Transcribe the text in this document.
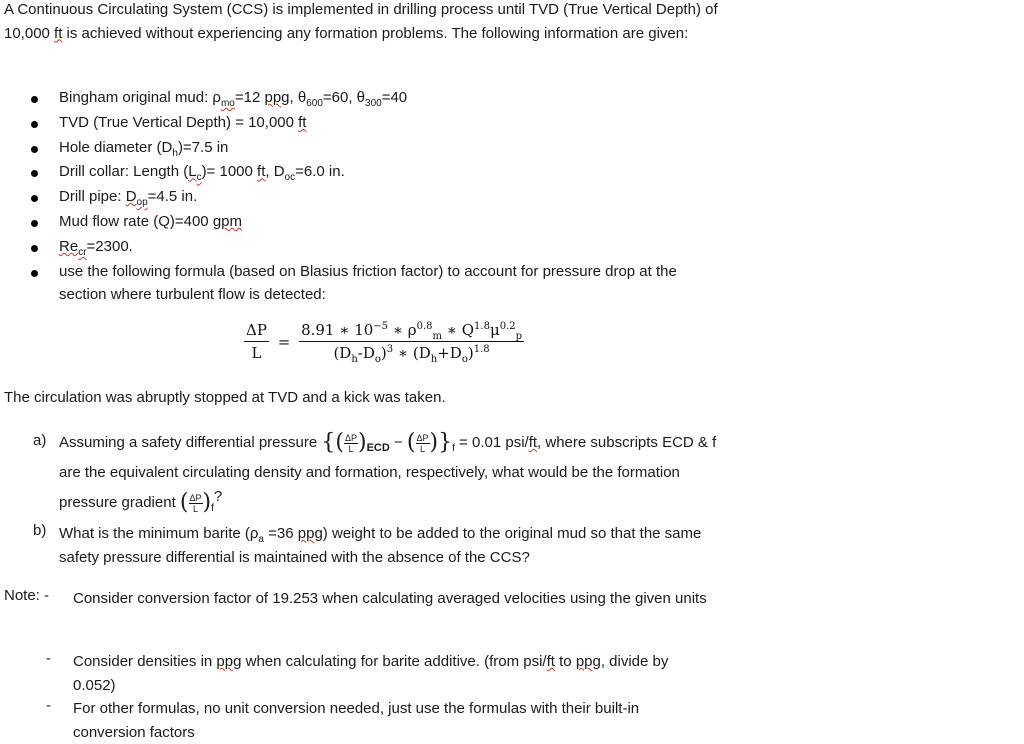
A Continuous Circulating System (CCS) is implemented in drilling process until TVD (True Vertical Depth) of 10,000 ft is achieved without experiencing any formation problems. The following information are given:
Bingham original mud: $\rho_{mo}=12$ ppg, $\theta_{600}=60$, $\theta_{300}=40$
TVD (True Vertical Depth) = 10,000 ft
Hole diameter $(D_h)=7.5$ in
Drill collar: Length $(L_c)= 1000$ ft, $D_{oc}=6.0$ in.
Drill pipe: $D_{op}=4.5$ in.
Mud flow rate (Q)=400 gpm
$Re_{cr}=2300$.
use the following formula (based on Blasius friction factor) to account for pressure drop at the section where turbulent flow is detected:
$\frac{\Delta P}{L} = \frac{8.91 ∗ 10^{-5} ∗ \rho^{0.8}_m ∗ Q^{1.8}\mu^{0.2}_p}{(D_h-D_o)^3 ∗ (D_h+D_o)^{1.8}}$
The circulation was abruptly stopped at TVD and a kick was taken.
a) Assuming a safety differential pressure {( $\frac{\Delta P}{L} )_{ECD}$ − ( $\frac{\Delta P}{L} )\}_f = 0.01$ psi/ft, where subscripts ECD & f are the equivalent circulating density and formation, respectively, what would be the formation pressure gradient ( $\frac{\Delta P}{L} )_f^?$
b) What is the minimum barite ($\rho_a =36$ ppg) weight to be added to the original mud so that the same safety pressure differential is maintained with the absence of the CCS?
Note: - Consider conversion factor of 19.253 when calculating averaged velocities using the given units
- Consider densities in ppg when calculating for barite additive. (from psi/ft to ppg, divide by 0.052)
- For other formulas, no unit conversion needed, just use the formulas with their built-in conversion factors
